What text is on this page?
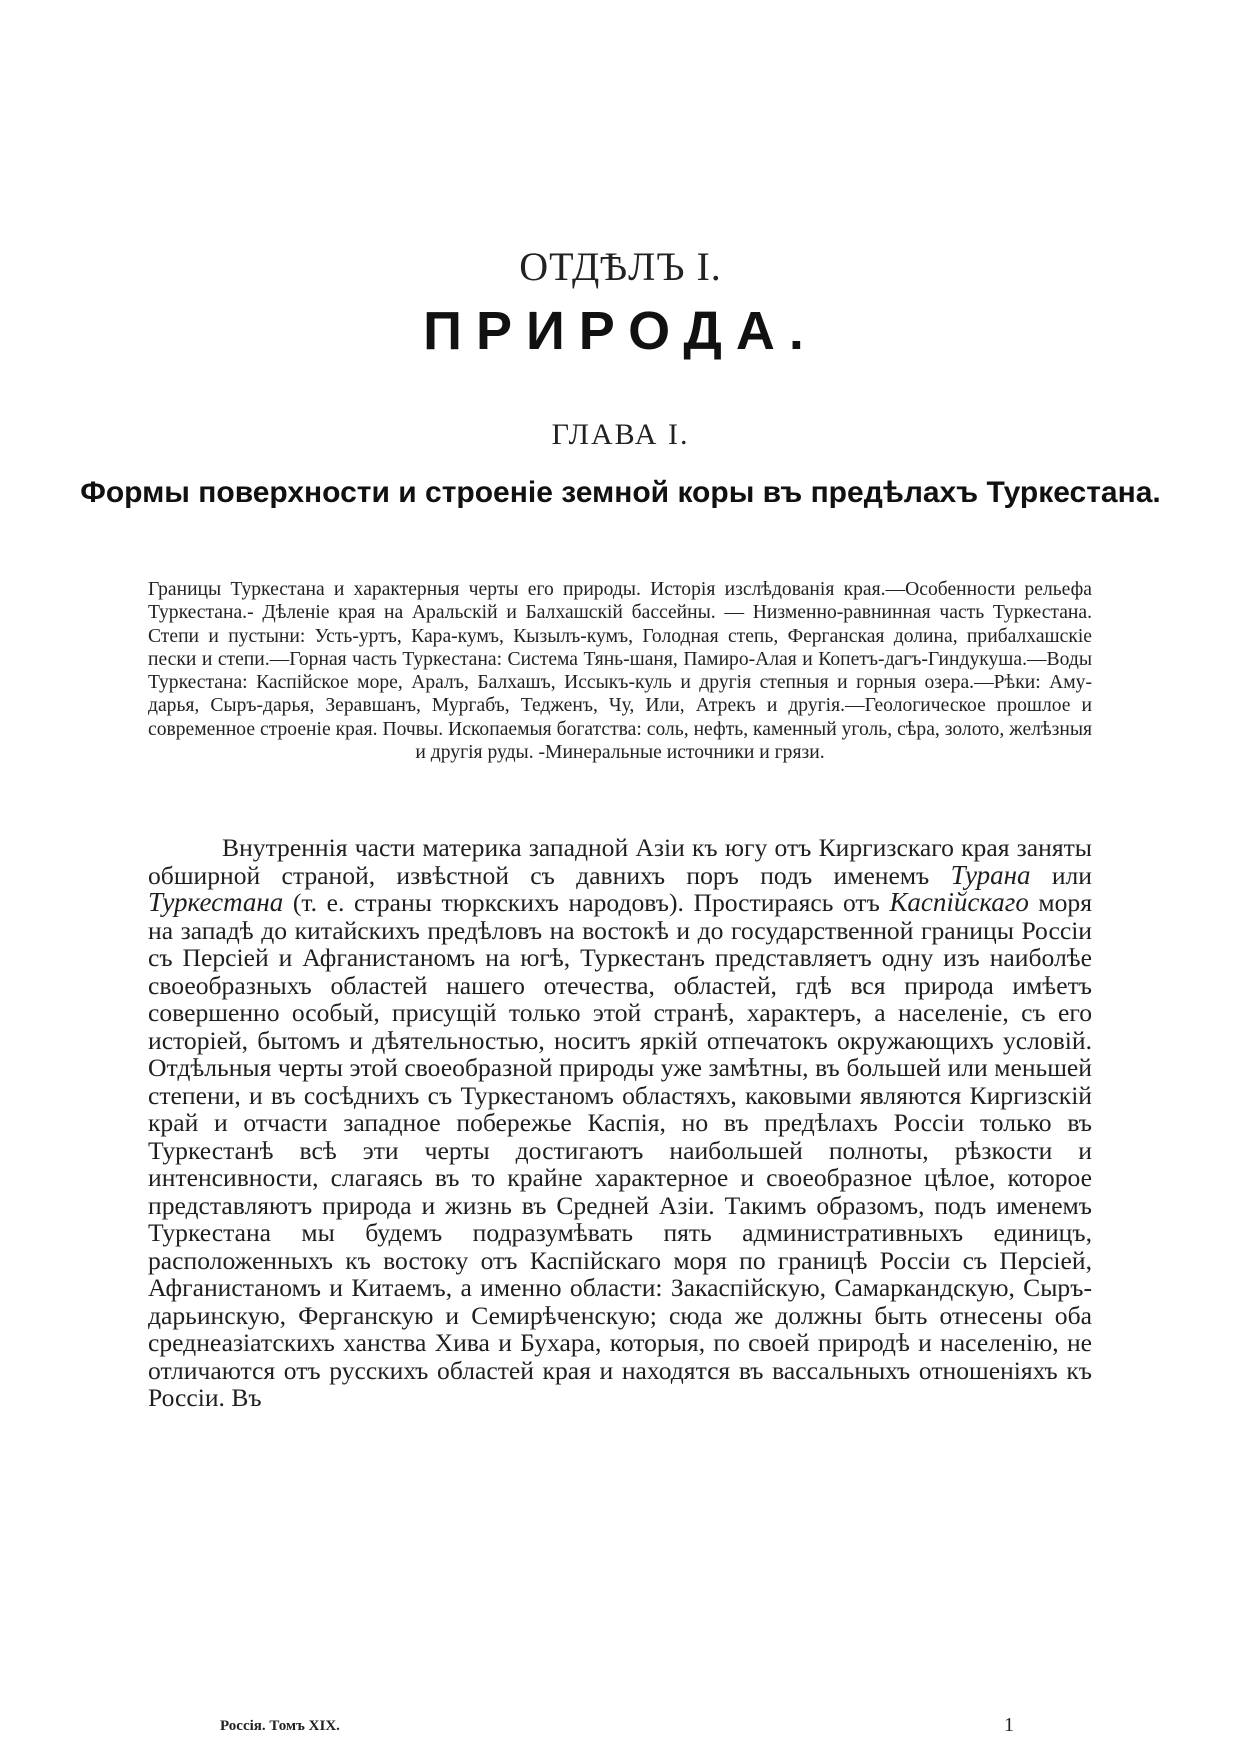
ОТДѢЛЪ I.
ПРИРОДА.
ГЛАВА I.
Формы поверхности и строеніе земной коры въ предѣлахъ Туркестана.
Границы Туркестана и характерныя черты его природы. Исторія изслѣдованія края.—Особенности рельефа Туркестана.- Дѣленіе края на Аральскій и Балхашскій бассейны. — Низменно-равнинная часть Туркестана. Степи и пустыни: Усть-уртъ, Кара-кумъ, Кызылъ-кумъ, Голодная степь, Ферганская долина, прибалхашскіе пески и степи.—Горная часть Туркестана: Система Тянь-шаня, Памиро-Алая и Копетъ-дагъ-Гиндукуша.—Воды Туркестана: Каспійское море, Аралъ, Балхашъ, Иссыкъ-куль и другія степныя и горныя озера.—Рѣки: Аму-дарья, Сыръ-дарья, Зеравшанъ, Мургабъ, Тедженъ, Чу, Или, Атрекъ и другія.—Геологическое прошлое и современное строеніе края. Почвы. Ископаемыя богатства: соль, нефть, каменный уголь, сѣра, золото, желѣзныя и другія руды. -Минеральные источники и грязи.

Внутреннія части материка западной Азіи къ югу отъ Киргизскаго края заняты обширной страной, извѣстной съ давнихъ поръ подъ именемъ Турана или Туркестана (т. е. страны тюркскихъ народовъ). Простираясь отъ Каспійскаго моря на западѣ до китайскихъ предѣловъ на востокѣ и до государственной границы Россіи съ Персіей и Афганистаномъ на югѣ, Туркестанъ представляетъ одну изъ наиболѣе своеобразныхъ областей нашего отечества, областей, гдѣ вся природа имѣетъ совершенно особый, присущій только этой странѣ, характеръ, а населеніе, съ его исторіей, бытомъ и дѣятельностью, носитъ яркій отпечатокъ окружающихъ условій. Отдѣльныя черты этой своеобразной природы уже замѣтны, въ большей или меньшей степени, и въ сосѣднихъ съ Туркестаномъ областяхъ, каковыми являются Киргизскій край и отчасти западное побережье Каспія, но въ предѣлахъ Россіи только въ Туркестанѣ всѣ эти черты достигаютъ наибольшей полноты, рѣзкости и интенсивности, слагаясь въ то крайне характерное и своеобразное цѣлое, которое представляютъ природа и жизнь въ Средней Азіи. Такимъ образомъ, подъ именемъ Туркестана мы будемъ подразумѣвать пять административныхъ единицъ, расположенныхъ къ востоку отъ Каспійскаго моря по границѣ Россіи съ Персіей, Афганистаномъ и Китаемъ, а именно области: Закаспійскую, Самаркандскую, Сыръ-дарьинскую, Ферганскую и Семирѣченскую; сюда же должны быть отнесены оба среднеазіатскихъ ханства Хива и Бухара, которыя, по своей природѣ и населенію, не отличаются отъ русскихъ областей края и находятся въ вассальныхъ отношеніяхъ къ Россіи. Въ

Россія. Томъ XIX.	1
